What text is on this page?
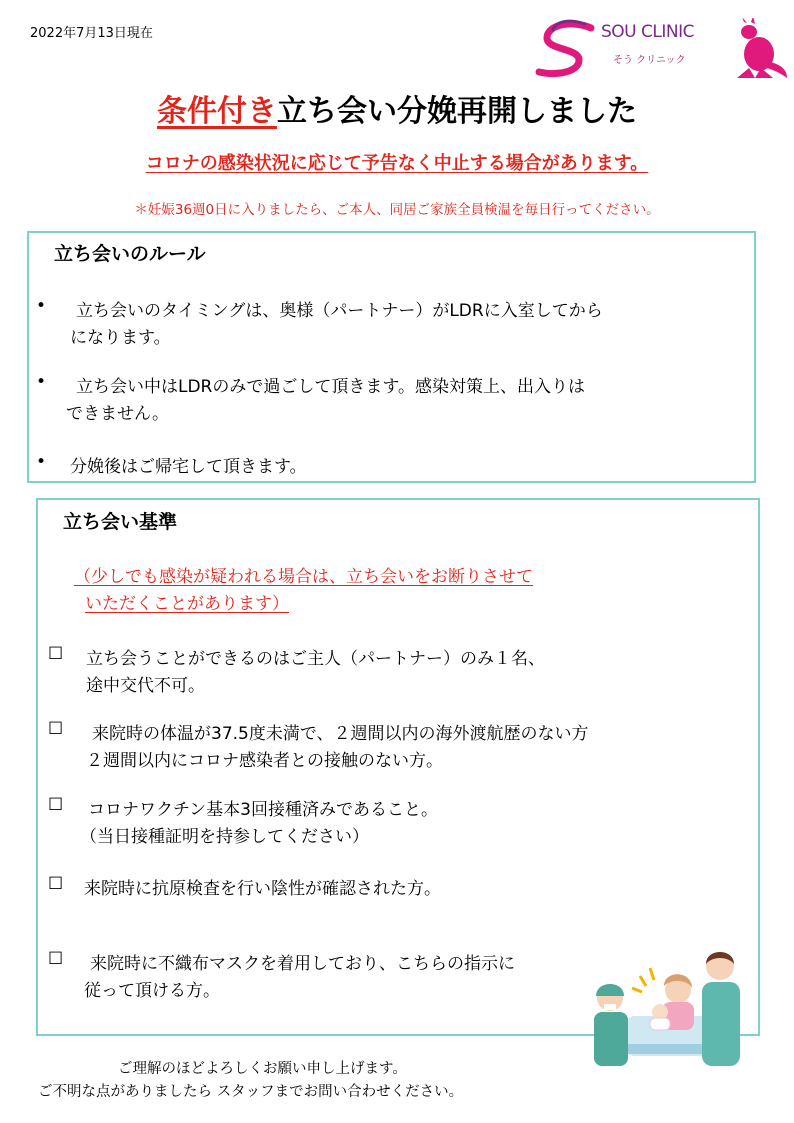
2022年7月13日現在	SOU CLINIC
そう クリニック
条件付き立ち会い分娩再開しました
コロナの感染状況に応じて予告なく中止する場合があります。
＊妊娠36週0日に入りましたら、ご本人、同居ご家族全員検温を毎日行ってください。
立ち会いのルール
• 立ち会いのタイミングは、奥様（パートナー）がLDRに入室してから
になります。
• 立ち会い中はLDRのみで過ごして頂きます。感染対策上、出入りは
できません。
• 分娩後はご帰宅して頂きます。
立ち会い基準
（少しでも感染が疑われる場合は、立ち会いをお断りさせて
いただくことがあります）
☐ 立ち会うことができるのはご主人（パートナー）のみ１名、
途中交代不可。
☐ 来院時の体温が37.5度未満で、２週間以内の海外渡航歴のない方
２週間以内にコロナ感染者との接触のない方。
☐ コロナワクチン基本3回接種済みであること。
（当日接種証明を持参してください）
☐ 来院時に抗原検査を行い陰性が確認された方。
☐ 来院時に不織布マスクを着用しており、こちらの指示に
従って頂ける方。
ご理解のほどよろしくお願い申し上げます。
ご不明な点がありましたら スタッフまでお問い合わせください。
